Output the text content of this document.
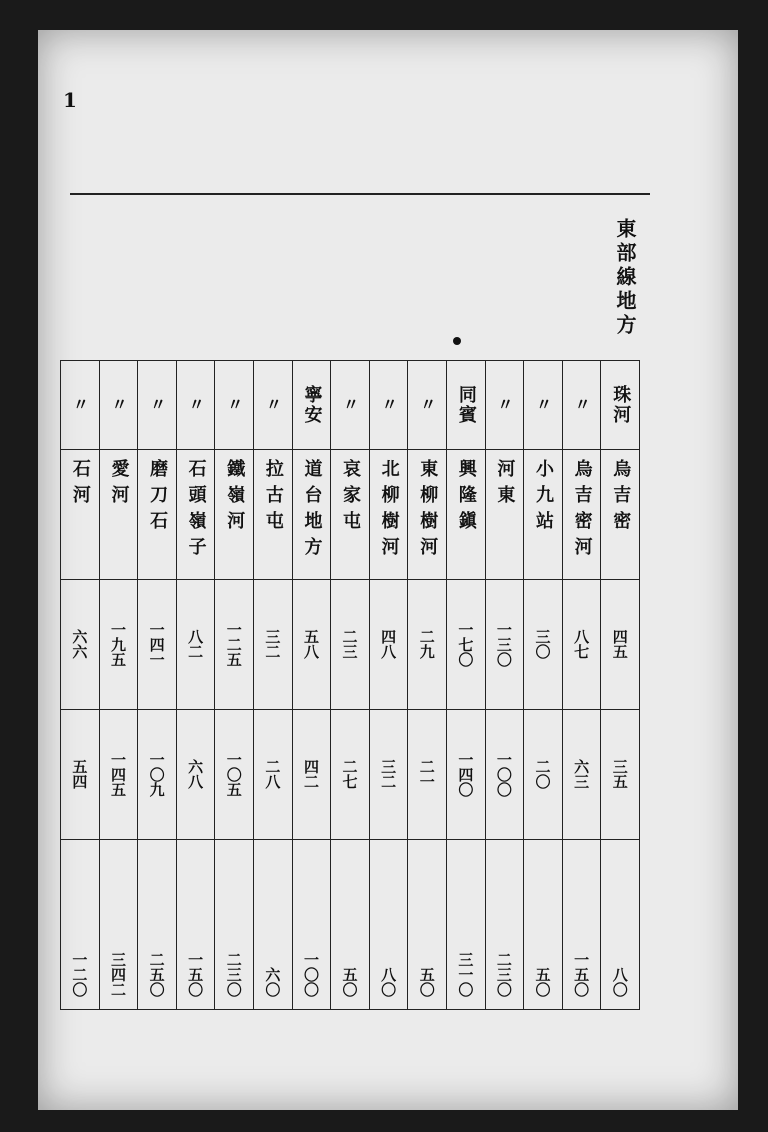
1
東部線地方
珠河
烏吉密
四五
三五
八〇
〃
烏吉密河
八七
六三
一五〇
〃
小九站
三〇
二〇
五〇
〃
河東
一三〇
一〇〇
二三〇
同賓
興隆鎭
一七〇
一四〇
三一〇
〃
東柳樹河
二九
二一
五〇
〃
北柳樹河
四八
三二
八〇
〃
哀家屯
二三
二七
五〇
寧安
道台地方
五八
四二
一〇〇
〃
拉古屯
三二
二八
六〇
〃
鐵嶺河
一二五
一〇五
二三〇
〃
石頭嶺子
八二
六八
一五〇
〃
磨刀石
一四一
一〇九
二五〇
〃
愛河
一九五
一四五
三四二
〃
石河
六六
五四
一二〇
